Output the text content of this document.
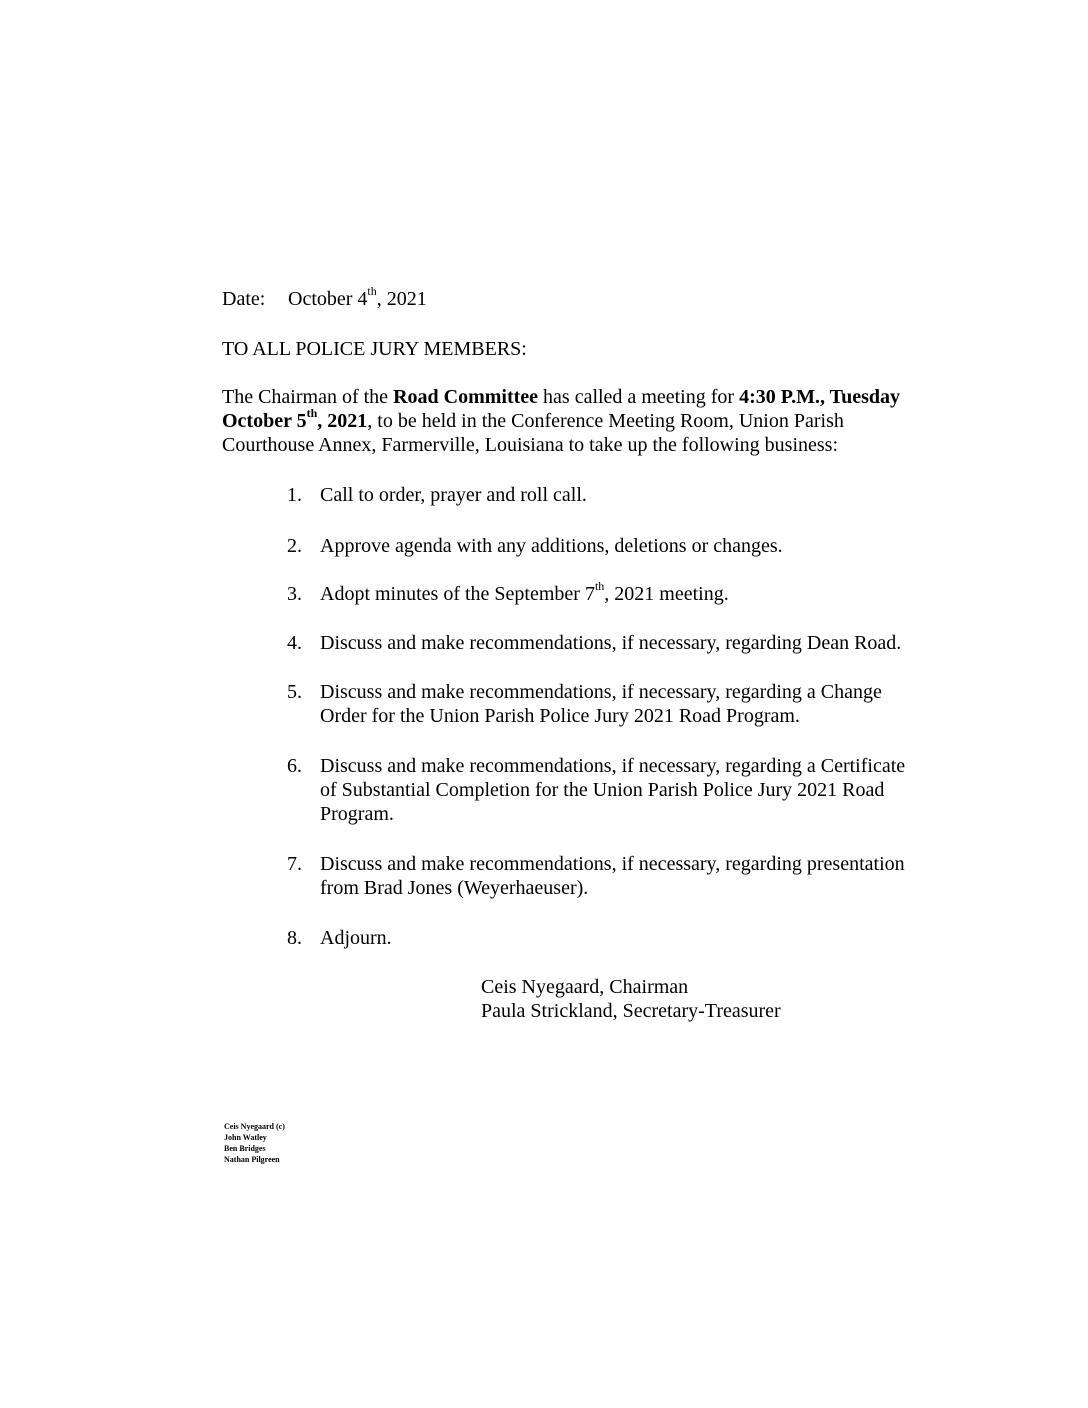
Date: October 4th, 2021
TO ALL POLICE JURY MEMBERS:
The Chairman of the Road Committee has called a meeting for 4:30 P.M., Tuesday
October 5th, 2021, to be held in the Conference Meeting Room, Union Parish
Courthouse Annex, Farmerville, Louisiana to take up the following business:
1. Call to order, prayer and roll call.
2. Approve agenda with any additions, deletions or changes.
3. Adopt minutes of the September 7th, 2021 meeting.
4. Discuss and make recommendations, if necessary, regarding Dean Road.
5. Discuss and make recommendations, if necessary, regarding a Change
Order for the Union Parish Police Jury 2021 Road Program.
6. Discuss and make recommendations, if necessary, regarding a Certificate
of Substantial Completion for the Union Parish Police Jury 2021 Road
Program.
7. Discuss and make recommendations, if necessary, regarding presentation
from Brad Jones (Weyerhaeuser).
8. Adjourn.
Ceis Nyegaard, Chairman
Paula Strickland, Secretary-Treasurer
Ceis Nyegaard (c)
John Watley
Ben Bridges
Nathan Pilgreen
